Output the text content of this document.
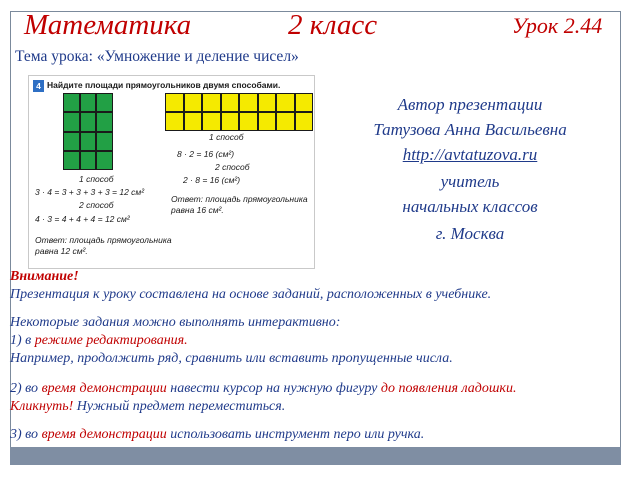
Математика	2 класс	Урок 2.44
Тема урока: «Умножение и деление чисел»
4 Найдите площади прямоугольников двумя способами.
1 способ
3 · 4 = 3 + 3 + 3 + 3 = 12 см²
2 способ
4 · 3 = 4 + 4 + 4 = 12 см²
Ответ: площадь прямоугольника
равна 12 см².
1 способ
8 · 2 = 16 (см²)
2 способ
2 · 8 = 16 (см²)
Ответ: площадь прямоугольника
равна 16 см².
Автор презентации
Татузова Анна Васильевна
http://avtatuzova.ru
учитель
начальных классов
г. Москва
Внимание!
Презентация к уроку составлена на основе заданий, расположенных в учебнике.
Некоторые задания можно выполнять интерактивно:
1) в режиме редактирования.
Например, продолжить ряд, сравнить или вставить пропущенные числа.
2) во время демонстрации навести курсор на нужную фигуру до появления ладошки.
Кликнуть! Нужный предмет переместиться.
3) во время демонстрации использовать инструмент перо или ручка.
